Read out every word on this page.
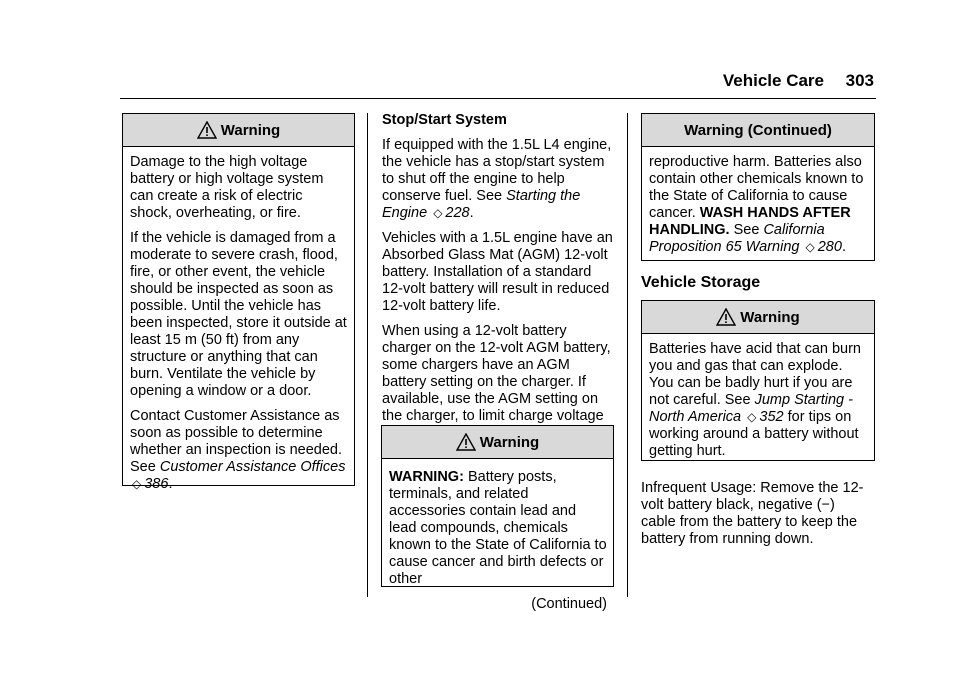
Vehicle Care 303
Warning

Damage to the high voltage battery or high voltage system can create a risk of electric shock, overheating, or fire.

If the vehicle is damaged from a moderate to severe crash, flood, fire, or other event, the vehicle should be inspected as soon as possible. Until the vehicle has been inspected, store it outside at least 15 m (50 ft) from any structure or anything that can burn. Ventilate the vehicle by opening a window or a door.

Contact Customer Assistance as soon as possible to determine whether an inspection is needed. See Customer Assistance Offices ◇ 386.

Stop/Start System

If equipped with the 1.5L L4 engine, the vehicle has a stop/start system to shut off the engine to help conserve fuel. See Starting the Engine ◇ 228.

Vehicles with a 1.5L engine have an Absorbed Glass Mat (AGM) 12-volt battery. Installation of a standard 12-volt battery will result in reduced 12-volt battery life.

When using a 12-volt battery charger on the 12-volt AGM battery, some chargers have an AGM battery setting on the charger. If available, use the AGM setting on the charger, to limit charge voltage

Warning

WARNING: Battery posts, terminals, and related accessories contain lead and lead compounds, chemicals known to the State of California to cause cancer and birth defects or other

(Continued)

Warning (Continued)

reproductive harm. Batteries also contain other chemicals known to the State of California to cause cancer. WASH HANDS AFTER HANDLING. See California Proposition 65 Warning ◇ 280.

Vehicle Storage
Warning

Batteries have acid that can burn you and gas that can explode. You can be badly hurt if you are not careful. See Jump Starting - North America ◇ 352 for tips on working around a battery without getting hurt.

Infrequent Usage: Remove the 12-volt battery black, negative (−) cable from the battery to keep the battery from running down.
